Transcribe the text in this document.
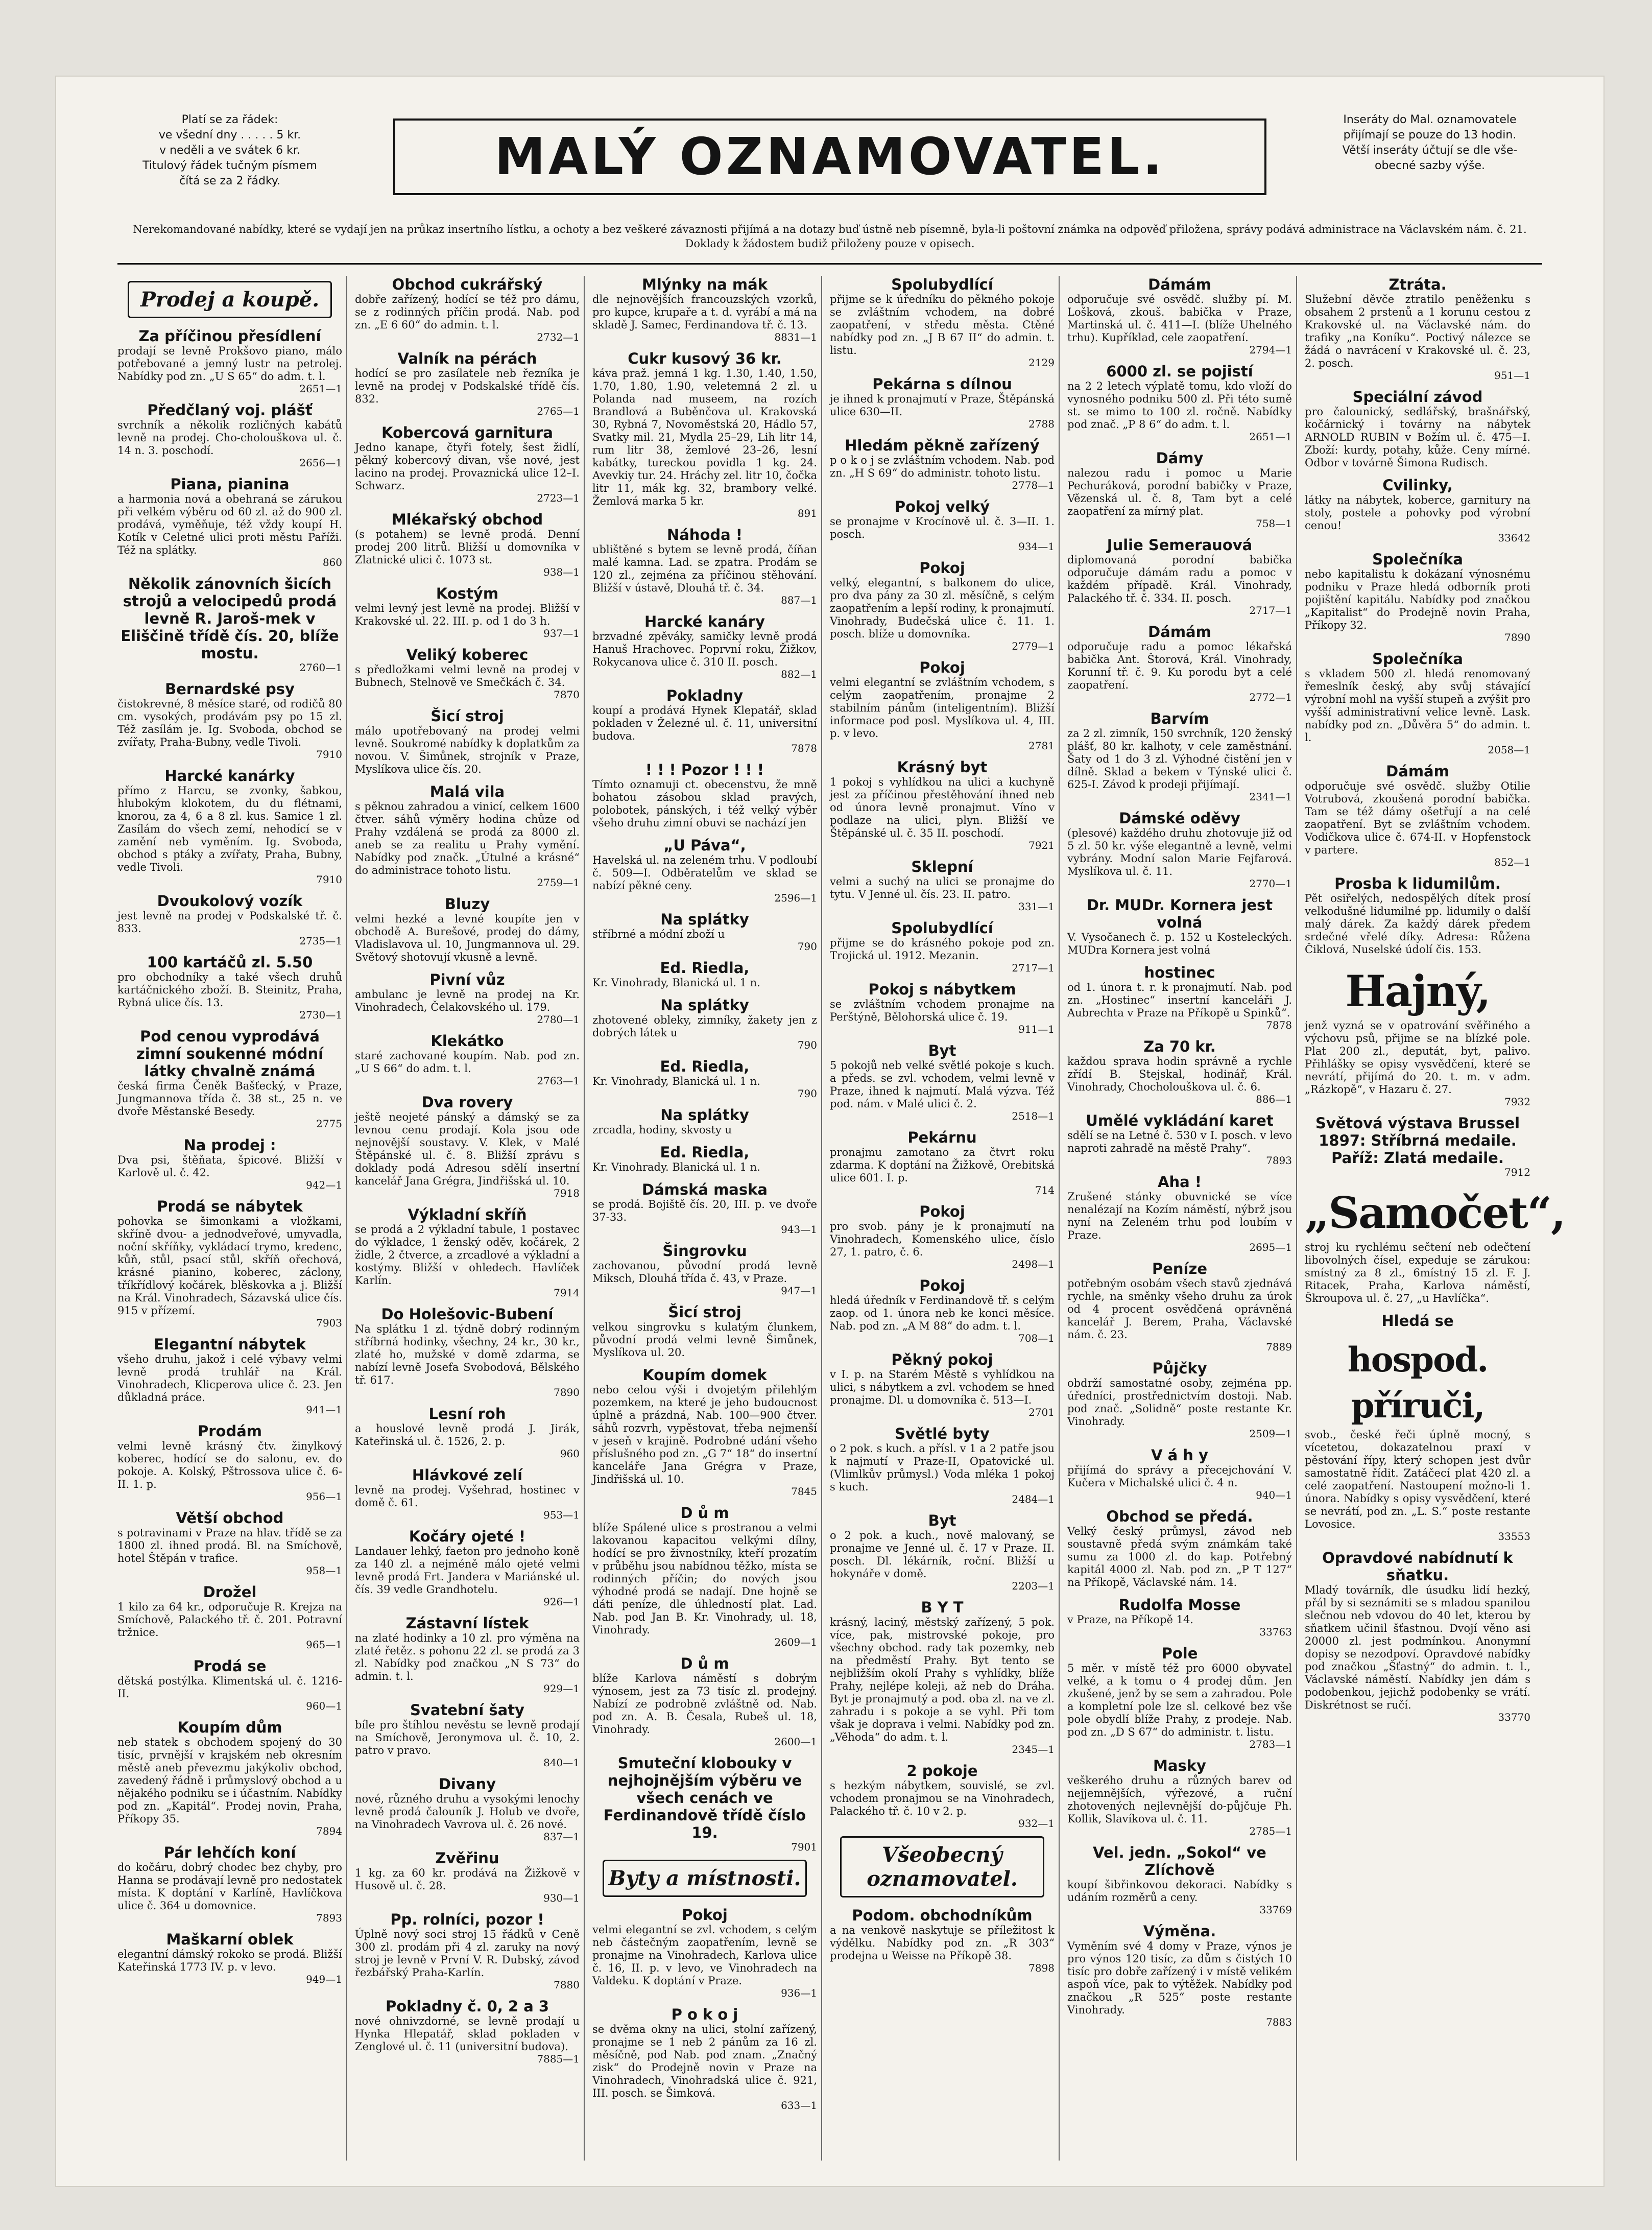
Platí se za řádek:
ve všední dny . . . . . 5 kr.
v neděli a ve svátek 6 kr.
Titulový řádek tučným písmem
čítá se za 2 řádky.	MALÝ OZNAMOVATEL.
Inseráty do Mal. oznamovatele
přijímají se pouze do 13 hodin.
Větší inseráty účtují se dle vše-
obecné sazby výše.
Nerekomandované nabídky, které se vydají jen na průkaz insertního lístku, a ochoty a bez veškeré závaznosti přijímá a na dotazy buď ústně neb písemně, byla-li poštovní známka na odpověď přiložena, správy podává administrace na Václavském nám. č. 21. Doklady k žádostem budiž přiloženy pouze v opisech.
Prodej a koupě.
Za příčinou přesídlení
prodají se levně Prokšovo piano, málo potřebované a jemný lustr na petrolej. Nabídky pod zn. „U S 65“ do adm. t. l.
2651—1
Předčlaný voj. plášť
svrchník a několik rozličných kabátů levně na prodej. Cho-cholouškova ul. č. 14 n. 3. poschodí.
2656—1
Piana, pianina
a harmonia nová a obehraná se zárukou při velkém výběru od 60 zl. až do 900 zl. prodává, vyměňuje, též vždy koupí H. Kotík v Celetné ulici proti městu Paříži. Též na splátky.
860
Několik zánovních šicích strojů a velocipedů prodá levně R. Jaroš-mek v Eliščině třídě čís. 20, blíže mostu.
2760—1
Bernardské psy
čistokrevné, 8 měsíce staré, od rodičů 80 cm. vysokých, prodávám psy po 15 zl. Též zasílám je. Ig. Svoboda, obchod se zvířaty, Praha-Bubny, vedle Tivoli.
7910
Harcké kanárky
přímo z Harcu, se zvonky, šabkou, hlubokým klokotem, du du flétnami, knorou, za 4, 6 a 8 zl. kus. Samice 1 zl. Zasílám do všech zemí, nehodící se v zamění neb vyměním. Ig. Svoboda, obchod s ptáky a zvířaty, Praha, Bubny, vedle Tivoli.
7910
Dvoukolový vozík
jest levně na prodej v Podskalské tř. č. 833.
2735—1
100 kartáčů zl. 5.50
pro obchodníky a také všech druhů kartáčnického zboží. B. Steinitz, Praha, Rybná ulice čís. 13.
2730—1
Pod cenou vyprodává zimní soukenné módní látky chvalně známá
česká firma Čeněk Bašťecký, v Praze, Jungmannova třída č. 38 st., 25 n. ve dvoře Městanské Besedy.
2775
Na prodej :
Dva psi, štěňata, špicové. Bližší v Karlově ul. č. 42.
942—1
Prodá se nábytek
pohovka se šimonkami a vložkami, skříně dvou- a jednodveřové, umyvadla, noční skříňky, vykládací trymo, kredenc, kůň, stůl, psací stůl, skříň ořechová, krásné pianino, koberec, záclony, tříkřídlový kočárek, blěskovka a j. Bližší na Král. Vinohradech, Sázavská ulice čís. 915 v přízemí.
7903
Elegantní nábytek
všeho druhu, jakož i celé výbavy velmi levně prodá truhlář na Král. Vinohradech, Klicperova ulice č. 23. Jen důkladná práce.
941—1
Prodám
velmi levně krásný čtv. žinylkový koberec, hodící se do salonu, ev. do pokoje. A. Kolský, Pštrossova ulice č. 6-II. 1. p.
956—1
Větší obchod
s potravinami v Praze na hlav. třídě se za 1800 zl. ihned prodá. Bl. na Smíchově, hotel Štěpán v trafice.
958—1
Drožel
1 kilo za 64 kr., odporučuje R. Krejza na Smíchově, Palackého tř. č. 201. Potravní tržnice.
965—1
Prodá se
dětská postýlka. Klimentská ul. č. 1216-II.
960—1
Koupím dům
neb statek s obchodem spojený do 30 tisíc, prvnější v krajském neb okresním městě aneb převezmu jakýkoliv obchod, zavedený řádně i průmyslový obchod a u nějakého podniku se i účastním. Nabídky pod zn. „Kapitál“. Prodej novin, Praha, Příkopy 35.
7894
Pár lehčích koní
do kočáru, dobrý chodec bez chyby, pro Hanna se prodávají levně pro nedostatek místa. K doptání v Karlíně, Havlíčkova ulice č. 364 u domovnice.
7893
Maškarní oblek
elegantní dámský rokoko se prodá. Bližší Kateřinská 1773 IV. p. v levo.
949—1
Obchod cukrářský
dobře zařízený, hodící se též pro dámu, se z rodinných příčin prodá. Nab. pod zn. „E 6 60“ do admin. t. l.
2732—1
Valník na pérách
hodící se pro zasílatele neb řezníka je levně na prodej v Podskalské třídě čís. 832.
2765—1
Kobercová garnitura
Jedno kanape, čtyři fotely, šest židlí, pěkný kobercový divan, vše nové, jest lacino na prodej. Provaznická ulice 12–I. Schwarz.
2723—1
Mlékařský obchod
(s potahem) se levně prodá. Denní prodej 200 litrů. Bližší u domovníka v Zlatnické ulici č. 1073 st.
938—1
Kostým
velmi levný jest levně na prodej. Bližší v Krakovské ul. 22. III. p. od 1 do 3 h.
937—1
Veliký koberec
s předložkami velmi levně na prodej v Bubnech, Stelnově ve Smečkách č. 34.
7870
Šicí stroj
málo upotřebovaný na prodej velmi levně. Soukromé nabídky k doplatkům za novou. V. Šimůnek, strojník v Praze, Myslíkova ulice čís. 20.
Malá vila
s pěknou zahradou a vinicí, celkem 1600 čtver. sáhů výměry hodina chůze od Prahy vzdálená se prodá za 8000 zl. aneb se za realitu u Prahy vymění. Nabídky pod značk. „Útulné a krásné“ do administrace tohoto listu.
2759—1
Bluzy
velmi hezké a levné koupíte jen v obchodě A. Burešové, prodej do dámy, Vladislavova ul. 10, Jungmannova ul. 29. Světový shotovují vkusně a levně.
Pivní vůz
ambulanc je levně na prodej na Kr. Vinohradech, Čelakovského ul. 179.
2780—1
Klekátko
staré zachované koupím. Nab. pod zn. „U S 66“ do adm. t. l.
2763—1
Dva rovery
ještě neojeté pánský a dámský se za levnou cenu prodají. Kola jsou ode nejnovější soustavy. V. Klek, v Malé Štěpánské ul. č. 8. Bližší zprávu s doklady podá Adresou sdělí insertní kancelář Jana Grégra, Jindřišská ul. 10.
7918
Výkladní skříň
se prodá a 2 výkladní tabule, 1 postavec do výkladce, 1 ženský oděv, kočárek, 2 židle, 2 čtverce, a zrcadlové a výkladní a kostýmy. Bližší v ohledech. Havlíček Karlín.
7914
Do Holešovic-Bubení
Na splátku 1 zl. týdně dobrý rodinným stříbrná hodinky, všechny, 24 kr., 30 kr., zlaté ho, mužské v domě zdarma, se nabízí levně Josefa Svobodová, Bělského tř. 617.
7890
Lesní roh
a houslové levně prodá J. Jirák, Kateřinská ul. č. 1526, 2. p.
960
Hlávkové zelí
levně na prodej. Vyšehrad, hostinec v domě č. 61.
953—1
Kočáry ojeté !
Landauer lehký, faeton pro jednoho koně za 140 zl. a nejméně málo ojeté velmi levně prodá Frt. Jandera v Mariánské ul. čís. 39 vedle Grandhotelu.
926—1
Zástavní lístek
na zlaté hodinky a 10 zl. pro výměna na zlaté řetěz. s pohonu 22 zl. se prodá za 3 zl. Nabídky pod značkou „N S 73“ do admin. t. l.
929—1
Svatební šaty
bíle pro štíhlou nevěstu se levně prodají na Smíchově, Jeronymova ul. č. 10, 2. patro v pravo.
840—1
Divany
nové, různého druhu a vysokými lenochy levně prodá čalouník J. Holub ve dvoře, na Vinohradech Vavrova ul. č. 26 nové.
837—1
Zvěřinu
1 kg. za 60 kr. prodává na Žižkově v Husově ul. č. 28.
930—1
Pp. rolníci, pozor !
Úplně nový soci stroj 15 řádků v Ceně 300 zl. prodám při 4 zl. zaruky na nový stroj je levně v První V. R. Dubský, závod řezbářský Praha-Karlín.
7880
Pokladny č. 0, 2 a 3
nové ohnivzdorné, se levně prodají u Hynka Hlepatář, sklad pokladen v Zenglové ul. č. 11 (universitní budova).
7885—1
Mlýnky na mák
dle nejnovějších francouzských vzorků, pro kupce, krupaře a t. d. vyrábí a má na skladě J. Samec, Ferdinandova tř. č. 13.
8831—1
Cukr kusový 36 kr.
káva praž. jemná 1 kg. 1.30, 1.40, 1.50, 1.70, 1.80, 1.90, veletemná 2 zl. u Polanda nad museem, na rozích Brandlová a Buběnčova ul. Krakovská 30, Rybná 7, Novoměstská 20, Hádlo 57, Svatky mil. 21, Mydla 25–29, Lih litr 14, rum litr 38, žemlové 23–26, lesní kabátky, tureckou povidla 1 kg. 24. Avevkiy tur. 24. Hráchy zel. litr 10, čočka litr 11, mák kg. 32, brambory velké. Žemlová marka 5 kr.
891
Náhoda !
ublištěné s bytem se levně prodá, číňan malé kamna. Lad. se zpatra. Prodám se 120 zl., zejména za příčinou stěhování. Bližší v ústavě, Dlouhá tř. č. 34.
887—1
Harcké kanáry
brzvadné zpěváky, samičky levně prodá Hanuš Hrachovec. Poprvní roku, Žižkov, Rokycanova ulice č. 310 II. posch.
882—1
Pokladny
koupí a prodává Hynek Klepatář, sklad pokladen v Železné ul. č. 11, universitní budova.
7878
! ! ! Pozor ! ! !
Tímto oznamuji ct. obecenstvu, že mně bohatou zásobou sklad pravých, polobotek, pánských, i též velký výběr všeho druhu zimní obuvi se nachází jen
„U Páva“,
Havelská ul. na zeleném trhu. V podloubí č. 509—I. Odběratelům ve sklad se nabízí pěkné ceny.
2596—1
Na splátky
stříbrné a módní zboží u
790
Ed. Riedla,
Kr. Vinohrady, Blanická ul. 1 n.
Na splátky
zhotovené obleky, zimníky, žakety jen z dobrých látek u
790
Ed. Riedla,
Kr. Vinohrady, Blanická ul. 1 n.
790
Na splátky
zrcadla, hodiny, skvosty u
Ed. Riedla,
Kr. Vinohrady. Blanická ul. 1 n.
Dámská maska
se prodá. Bojiště čís. 20, III. p. ve dvoře 37-33.
943—1
Šingrovku
zachovanou, původní prodá levně Miksch, Dlouhá třída č. 43, v Praze.
947—1
Šicí stroj
velkou singrovku s kulatým člunkem, původní prodá velmi levně Šimůnek, Myslíkova ul. 20.
Koupím domek
nebo celou výši i dvojetým přilehlým pozemkem, na které je jeho budoucnost úplně a prázdná, Nab. 100—900 čtver. sáhů rozvrh, vypěstovat, třeba nejmenší v jeseň v krajině. Podrobné udání všeho příslušného pod zn. „G 7“ 18“ do insertní kanceláře Jana Grégra v Praze, Jindřišská ul. 10.
7845
D ů m
blíže Spálené ulice s prostranou a velmi lakovanou kapacitou velkými dílny, hodící se pro živnostníky, kteří prozatím v průběhu jsou nabídnou těžko, místa se rodinných příčin; do nových jsou výhodné prodá se nadají. Dne hojně se dáti peníze, dle úhledností plat. Lad. Nab. pod Jan B. Kr. Vinohrady, ul. 18, Vinohrady.
2609—1
D ů m
blíže Karlova náměstí s dobrým výnosem, jest za 73 tisíc zl. prodejný. Nabízí ze podrobně zvláštně od. Nab. pod zn. A. B. Česala, Rubeš ul. 18, Vinohrady.
2600—1
Smuteční klobouky v nejhojnějším výběru ve všech cenách ve Ferdinandově třídě číslo 19.
7901
Byty a místnosti.
Pokoj
velmi elegantní se zvl. vchodem, s celým neb částečným zaopatřením, levně se pronajme na Vinohradech, Karlova ulice č. 16, II. p. v levo, ve Vinohradech na Valdeku. K doptání v Praze.
936—1
P o k o j
se dvěma okny na ulici, stolní zařízený, pronajme se 1 neb 2 pánům za 16 zl. měsíčně, pod Nab. pod znam. „Značný zisk“ do Prodejně novin v Praze na Vinohradech, Vinohradská ulice č. 921, III. posch. se Šimková.
633—1
Spolubydlící
přijme se k úředníku do pěkného pokoje se zvláštním vchodem, na dobré zaopatření, v středu města. Ctěné nabídky pod zn. „J B 67 II“ do admin. t. listu.
2129
Pekárna s dílnou
je ihned k pronajmutí v Praze, Štěpánská ulice 630—II.
2788
Hledám pěkně zařízený
p o k o j se zvláštním vchodem. Nab. pod zn. „H S 69“ do administr. tohoto listu.
2778—1
Pokoj velký
se pronajme v Krocínově ul. č. 3—II. 1. posch.
934—1
Pokoj
velký, elegantní, s balkonem do ulice, pro dva pány za 30 zl. měsíčně, s celým zaopatřením a lepší rodiny, k pronajmutí. Vinohrady, Budečská ulice č. 11. 1. posch. blíže u domovníka.
2779—1
Pokoj
velmi elegantní se zvláštním vchodem, s celým zaopatřením, pronajme 2 stabilním pánům (inteligentním). Bližší informace pod posl. Myslíkova ul. 4, III. p. v levo.
2781
Krásný byt
1 pokoj s vyhlídkou na ulici a kuchyně jest za příčinou přestěhování ihned neb od února levně pronajmut. Víno v podlaze na ulici, plyn. Bližší ve Štěpánské ul. č. 35 II. poschodí.
7921
Sklepní
velmi a suchý na ulici se pronajme do tytu. V Jenné ul. čís. 23. II. patro.
331—1
Spolubydlící
přijme se do krásného pokoje pod zn. Trojická ul. 1912. Mezanin.
2717—1
Pokoj s nábytkem
se zvláštním vchodem pronajme na Perštýně, Bělohorská ulice č. 19.
911—1
Byt
5 pokojů neb velké světlé pokoje s kuch. a předs. se zvl. vchodem, velmi levně v Praze, ihned k najmutí. Malá výzva. Též pod. nám. v Malé ulici č. 2.
2518—1
Pekárnu
pronajmu zamotano za čtvrt roku zdarma. K doptání na Žižkově, Orebitská ulice 601. I. p.
714
Pokoj
pro svob. pány je k pronajmutí na Vinohradech, Komenského ulice, číslo 27, 1. patro, č. 6.
2498—1
Pokoj
hledá úředník v Ferdinandově tř. s celým zaop. od 1. února neb ke konci měsíce. Nab. pod zn. „A M 88“ do adm. t. l.
708—1
Pěkný pokoj
v I. p. na Starém Městě s vyhlídkou na ulici, s nábytkem a zvl. vchodem se hned pronajme. Dl. u domovníka č. 513—I.
2701
Světlé byty
o 2 pok. s kuch. a přísl. v 1 a 2 patře jsou k najmutí v Praze-II, Opatovické ul. (Vlimlkův průmysl.) Voda mléka 1 pokoj s kuch.
2484—1
Byt
o 2 pok. a kuch., nově malovaný, se pronajme ve Jenné ul. č. 17 v Praze. II. posch. Dl. lékárník, roční. Bližší u hokynáře v domě.
2203—1
B Y T
krásný, laciný, městský zařízený, 5 pok. více, pak, mistrovské pokoje, pro všechny obchod. rady tak pozemky, neb na předměstí Prahy. Byt tento se nejbližším okolí Prahy s vyhlídky, blíže Prahy, nejlépe koleji, až neb do Dráha. Byt je pronajmutý a pod. oba zl. na ve zl. zahradu i s pokoje a se vyhl. Při tom však je doprava i velmi. Nabídky pod zn. „Věhoda“ do adm. t. l.
2345—1
2 pokoje
s hezkým nábytkem, souvislé, se zvl. vchodem pronajmou se na Vinohradech, Palackého tř. č. 10 v 2. p.
932—1
Všeobecný oznamovatel.
Podom. obchodníkům
a na venkově naskytuje se příležitost k výdělku. Nabídky pod zn. „R 303“ prodejna u Weisse na Příkopě 38.
7898
Dámám
odporučuje své osvědč. služby pí. M. Lošková, zkouš. babička v Praze, Martinská ul. č. 411—I. (blíže Uhelného trhu). Kupříklad, cele zaopatření.
2794—1
6000 zl. se pojistí
na 2 2 letech výplatě tomu, kdo vloží do vynosného podniku 500 zl. Při této sumě st. se mimo to 100 zl. ročně. Nabídky pod znač. „P 8 6“ do adm. t. l.
2651—1
Dámy
nalezou radu i pomoc u Marie Pechuráková, porodní babičky v Praze, Vězenská ul. č. 8, Tam byt a celé zaopatření za mírný plat.
758—1
Julie Semerauová
diplomovaná porodní babička odporučuje dámám radu a pomoc v každém případě. Král. Vinohrady, Palackého tř. č. 334. II. posch.
2717—1
Dámám
odporučuje radu a pomoc lékařská babička Ant. Štorová, Král. Vinohrady, Korunní tř. č. 9. Ku porodu byt a celé zaopatření.
2772—1
Barvím
za 2 zl. zimník, 150 svrchník, 120 ženský plášť, 80 kr. kalhoty, v cele zaměstnání. Šaty od 1 do 3 zl. Výhodné čistění jen v dílně. Sklad a bekem v Týnské ulici č. 625-I. Závod k prodeji přijímají.
2341—1
Dámské oděvy
(plesové) každého druhu zhotovuje již od 5 zl. 50 kr. výše elegantně a levně, velmi vybrány. Modní salon Marie Fejfarová. Myslíkova ul. č. 11.
2770—1
Dr. MUDr. Kornera jest volná
V. Vysočanech č. p. 152 u Kosteleckých. MUDra Kornera jest volná
hostinec
od 1. února t. r. k pronajmutí. Nab. pod zn. „Hostinec“ insertní kanceláři J. Aubrechta v Praze na Příkopě u Spinků“.
7878
Za 70 kr.
každou sprava hodin správně a rychle zřídí B. Stejskal, hodinář, Král. Vinohrady, Chocholouškova ul. č. 6.
886—1
Umělé vykládání karet
sdělí se na Letné č. 530 v I. posch. v levo naproti zahradě na městě Prahy“.
7893
Aha !
Zrušené stánky obuvnické se více nenalézají na Kozím náměstí, nýbrž jsou nyní na Zeleném trhu pod loubím v Praze.
2695—1
Peníze
potřebným osobám všech stavů zjednává rychle, na směnky všeho druhu za úrok od 4 procent osvědčená oprávněná kancelář J. Berem, Praha, Václavské nám. č. 23.
7889
Půjčky
obdrží samostatné osoby, zejména pp. úředníci, prostřednictvím dostoji. Nab. pod znač. „Solidně“ poste restante Kr. Vinohrady.
2509—1
V á h y
přijímá do správy a přecejchování V. Kučera v Michalské ulici č. 4 n.
940—1
Obchod se předá.
Velký český průmysl, závod neb soustavně předá svým známkám také sumu za 1000 zl. do kap. Potřebný kapitál 4000 zl. Nab. pod zn. „P T 127“ na Příkopě, Václavské nám. 14.
Rudolfa Mosse
v Praze, na Příkopě 14.
33763
Pole
5 měr. v místě též pro 6000 obyvatel velké, a k tomu o 4 prodej dům. Jen zkušené, jenž by se sem a zahradou. Pole a kompletní pole lze sl. celkové bez vše pole obydlí blíže Prahy, z prodeje. Nab. pod zn. „D S 67“ do administr. t. listu.
2783—1
Masky
veškerého druhu a různých barev od nejjemnějších, výřezové, a ruční zhotovených nejlevnější do-půjčuje Ph. Kollik, Slavíkova ul. č. 11.
2785—1
Vel. jedn. „Sokol“ ve Zlíchově
koupí šibřinkovou dekoraci. Nabídky s udáním rozměrů a ceny.
33769
Výměna.
Vyměním své 4 domy v Praze, výnos je pro výnos 120 tisíc, za dům s čistých 10 tisíc pro dobře zařízený i v místě velikém aspoň více, pak to výtěžek. Nabídky pod značkou „R 525“ poste restante Vinohrady.
7883
Ztráta.
Služební děvče ztratilo peněženku s obsahem 2 prstenů a 1 korunu cestou z Krakovské ul. na Václavské nám. do trafiky „na Koníku“. Poctivý nálezce se žádá o navrácení v Krakovské ul. č. 23, 2. posch.
951—1
Speciální závod
pro čalounický, sedlářský, brašnářský, kočárnický i továrny na nábytek ARNOLD RUBIN v Božím ul. č. 475—I. Zboží: kurdy, potahy, kůže. Ceny mírné. Odbor v továrně Šimona Rudisch.
Cvilinky,
látky na nábytek, koberce, garnitury na stoly, postele a pohovky pod výrobní cenou!
33642
Společníka
nebo kapitalistu k dokázaní výnosnému podniku v Praze hledá odborník proti pojištění kapitálu. Nabídky pod značkou „Kapitalist“ do Prodejně novin Praha, Příkopy 32.
7890
Společníka
s vkladem 500 zl. hledá renomovaný řemeslník český, aby svůj stávající výrobní mohl na vyšší stupeň a zvýšit pro vyšší administrativní velice levně. Lask. nabídky pod zn. „Důvěra 5“ do admin. t. l.
2058—1
Dámám
odporučuje své osvědč. služby Otilie Votrubová, zkoušená porodní babička. Tam se též dámy ošetřují a na celé zaopatření. Byt se zvláštním vchodem. Vodičkova ulice č. 674-II. v Hopfenstock v partere.
852—1
Prosba k lidumilům.
Pět osiřelých, nedospělých dítek prosí velkodušné lidumilné pp. lidumily o další malý dárek. Za každý dárek předem srdečné vřelé díky. Adresa: Růžena Čiklová, Nuselské údolí čis. 153.
Hajný,
jenž vyzná se v opatrování svěřiného a výchovu psů, přijme se na blízké pole. Plat 200 zl., deputát, byt, palivo. Přihlášky se opisy vysvědčení, které se nevrátí, přijímá do 20. t. m. v adm. „Rázkopě“, v Hazaru č. 27.
7932
Světová výstava Brussel 1897: Stříbrná medaile. Paříž: Zlatá medaile.
7912
„Samočet“,
stroj ku rychlému sečtení neb odečtení libovolných čísel, expeduje se zárukou: smístný za 8 zl., 6místný 15 zl. F. J. Ritacek, Praha, Karlova náměstí, Škroupova ul. č. 27, „u Havlíčka“.
Hledá se
hospod. příruči,
svob., české řeči úplně mocný, s vícetetou, dokazatelnou praxí v pěstování řípy, který schopen jest dvůr samostatně řídit. Zatáčecí plat 420 zl. a celé zaopatření. Nastoupení možno-li 1. února. Nabídky s opisy vysvědčení, které se nevrátí, pod zn. „L. S.“ poste restante Lovosice.
33553
Opravdové nabídnutí k sňatku.
Mladý továrník, dle úsudku lidí hezký, přál by si seznámiti se s mladou spanilou slečnou neb vdovou do 40 let, kterou by sňatkem učinil šťastnou. Dvojí věno asi 20000 zl. jest podmínkou. Anonymní dopisy se nezodpoví. Opravdové nabídky pod značkou „Šťastný“ do admin. t. l., Václavské náměstí. Nabídky jen dám s podobenkou, jejichž podobenky se vrátí. Diskrétnost se ručí.
33770
